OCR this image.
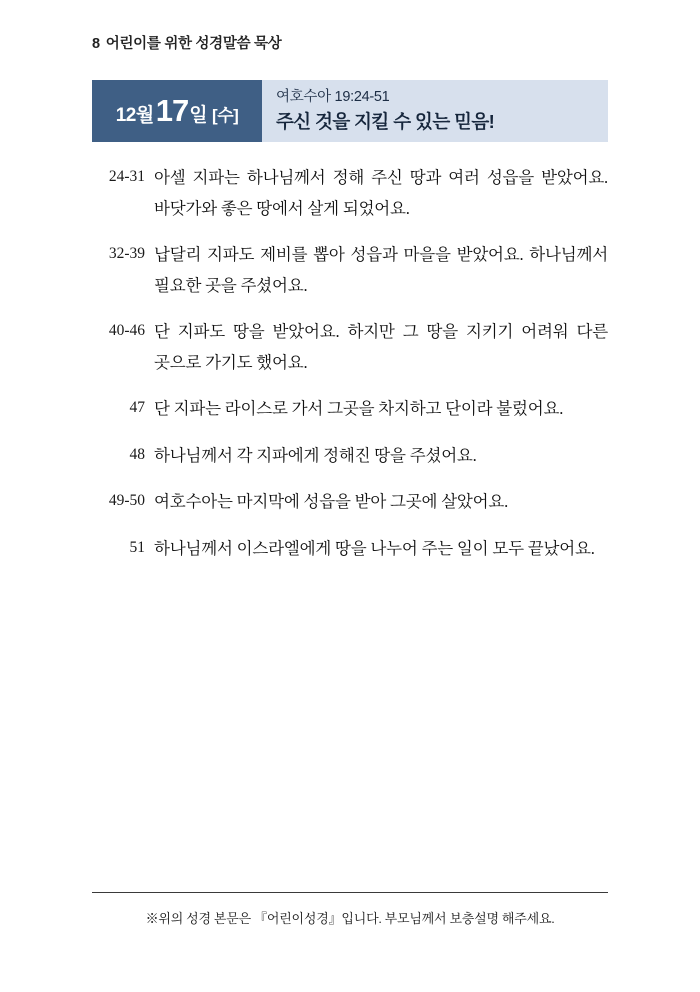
8 어린이를 위한 성경말씀 묵상
12월 17 일 [수]
여호수아 19:24-51
주신 것을 지킬 수 있는 믿음!
24-31 아셀 지파는 하나님께서 정해 주신 땅과 여러 성읍을 받았어요. 바닷가와 좋은 땅에서 살게 되었어요.
32-39 납달리 지파도 제비를 뽑아 성읍과 마을을 받았어요. 하나님께서 필요한 곳을 주셨어요.
40-46 단 지파도 땅을 받았어요. 하지만 그 땅을 지키기 어려워 다른 곳으로 가기도 했어요.
47 단 지파는 라이스로 가서 그곳을 차지하고 단이라 불렀어요.
48 하나님께서 각 지파에게 정해진 땅을 주셨어요.
49-50 여호수아는 마지막에 성읍을 받아 그곳에 살았어요.
51 하나님께서 이스라엘에게 땅을 나누어 주는 일이 모두 끝났어요.
※위의 성경 본문은 『어린이성경』입니다. 부모님께서 보충설명 해주세요.
